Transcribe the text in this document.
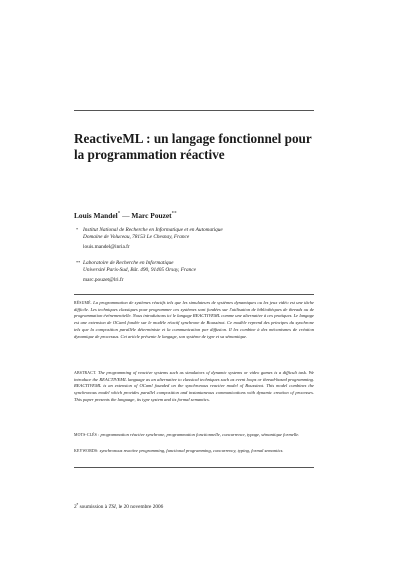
ReactiveML : un langage fonctionnel pour
la programmation réactive
Louis Mandel* — Marc Pouzet**
* Institut National de Recherche en Informatique et en Automatique
Domaine de Voluceau, 78153 Le Chesnay, France
louis.mandel@inria.fr
** Laboratoire de Recherche en Informatique
Université Paris-Sud, Bât. 490, 91405 Orsay, France
marc.pouzet@lri.fr
RÉSUMÉ. La programmation de systèmes réactifs tels que les simulateurs de systèmes dynamiques ou les jeux vidéo est une tâche difficile. Les techniques classiques pour programmer ces systèmes sont fondées sur l'utilisation de bibliothèques de threads ou de programmation événementielle. Nous introduisons ici le langage REACTIVEML comme une alternative à ces pratiques. Le langage est une extension de OCaml fondée sur le modèle réactif synchrone de Boussinot. Ce modèle reprend des principes du synchrone tels que la composition parallèle déterministe et la communication par diffusion. Il les combine à des mécanismes de création dynamique de processus. Cet article présente le langage, son système de type et sa sémantique.
ABSTRACT. The programming of reactive systems such as simulators of dynamic systems or video games is a difficult task. We introduce the REACTIVEML language as an alternative to classical techniques such as event loops or thread-based programming. REACTIVEML is an extension of OCaml founded on the synchronous reactive model of Boussinot. This model combines the synchronous model which provides parallel composition and instantaneous communications with dynamic creation of processes. This paper presents the language, its type system and its formal semantics.
MOTS-CLÉS : programmation réactive synchrone, programmation fonctionnelle, concurrence, typage, sémantique formelle.
KEYWORDS: synchronous reactive programming, functional programming, concurrency, typing, formal semantics.
2e soumission à TSI, le 20 novembre 2006
